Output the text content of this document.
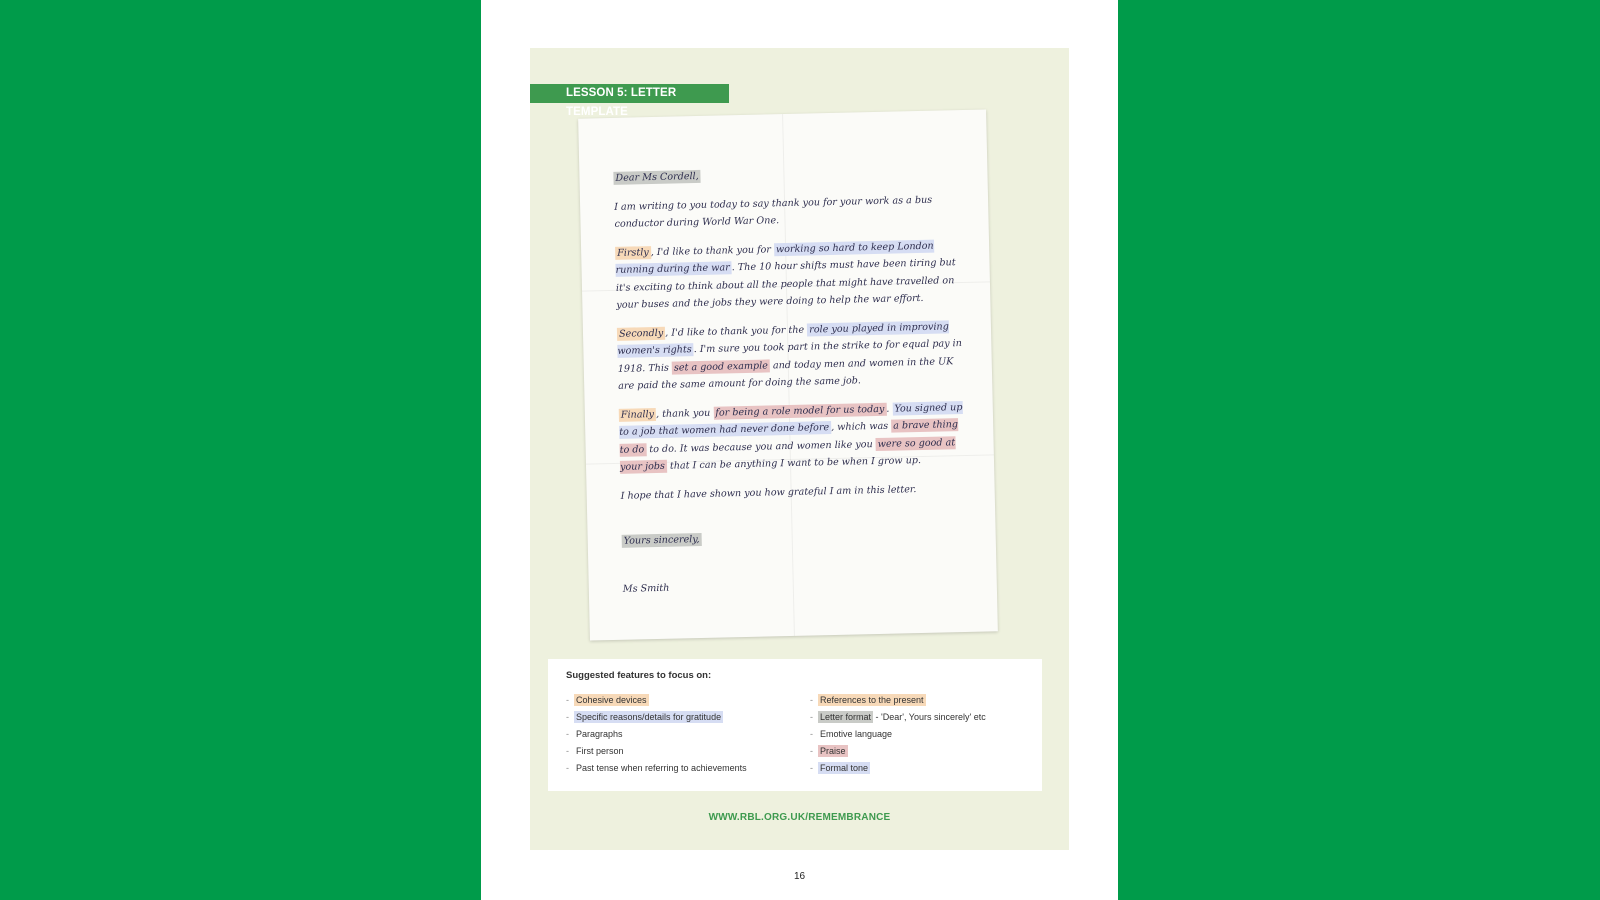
LESSON 5: LETTER TEMPLATE

Dear Ms Cordell,

I am writing to you today to say thank you for your work as a bus conductor during World War One.

Firstly , I'd like to thank you for working so hard to keep London running during the war . The 10 hour shifts must have been tiring but it's exciting to think about all the people that might have travelled on your buses and the jobs they were doing to help the war effort.

Secondly , I'd like to thank you for the role you played in improving women's rights . I'm sure you took part in the strike to for equal pay in 1918. This set a good example and today men and women in the UK are paid the same amount for doing the same job.

Finally , thank you for being a role model for us today . You signed up to a job that women had never done before , which was a brave thing to do to do. It was because you and women like you were so good at your jobs that I can be anything I want to be when I grow up.

I hope that I have shown you how grateful I am in this letter.

Yours sincerely,

Ms Smith

Suggested features to focus on:
- Cohesive devices
- Specific reasons/details for gratitude
- Paragraphs
- First person
- Past tense when referring to achievements
- References to the present
- Letter format - 'Dear', Yours sincerely' etc
- Emotive language
- Praise
- Formal tone
WWW.RBL.ORG.UK/REMEMBRANCE
16
